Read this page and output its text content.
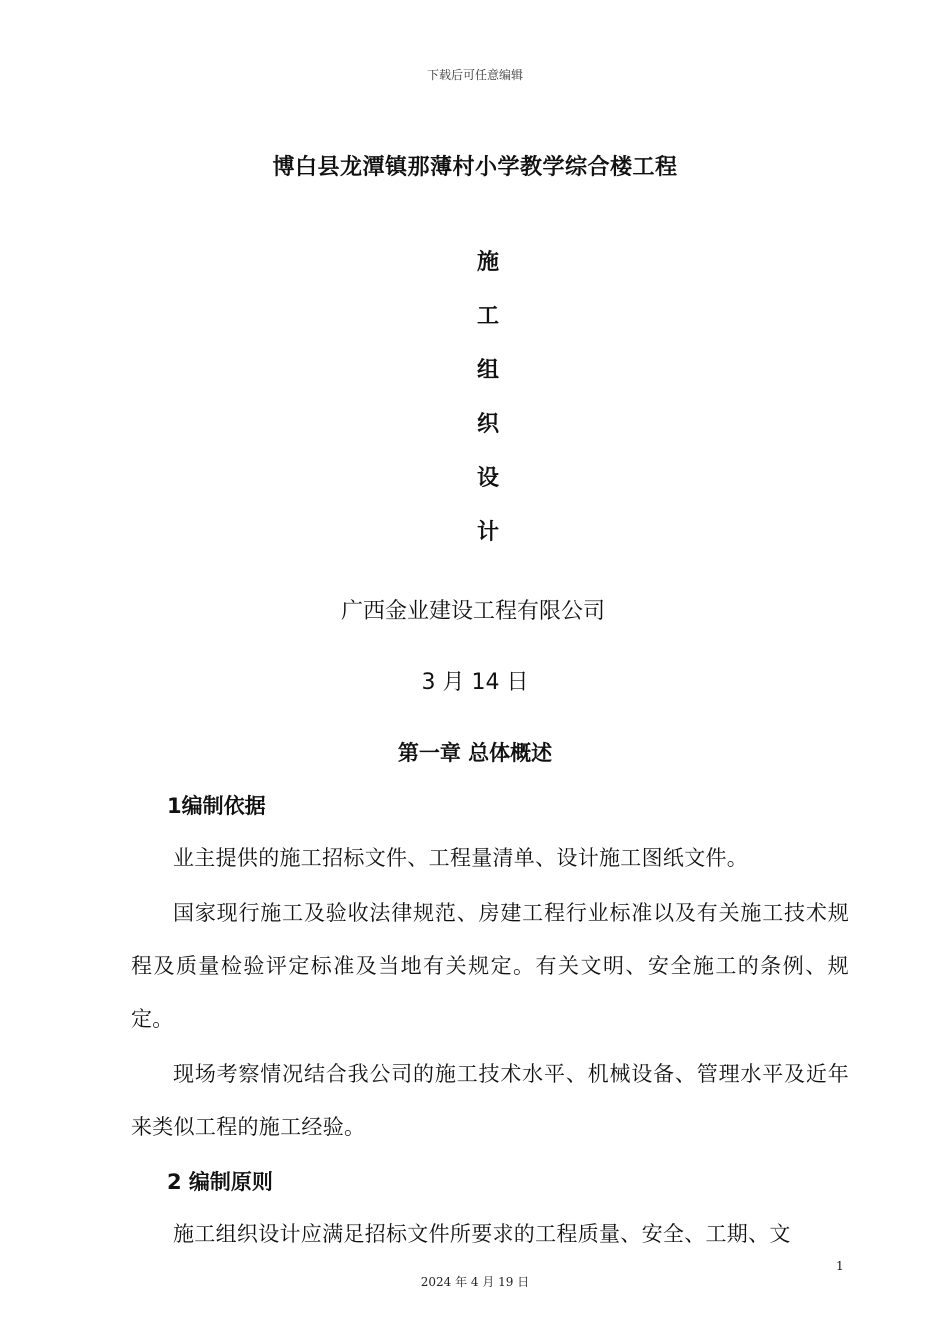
下载后可任意编辑
博白县龙潭镇那薄村小学教学综合楼工程
施
工
组
织
设
计
广西金业建设工程有限公司
3 月 14 日
第一章 总体概述
1编制依据
业主提供的施工招标文件、工程量清单、设计施工图纸文件。
国家现行施工及验收法律规范、房建工程行业标准以及有关施工技术规程及质量检验评定标准及当地有关规定。有关文明、安全施工的条例、规定。
现场考察情况结合我公司的施工技术水平、机械设备、管理水平及近年来类似工程的施工经验。
2 编制原则
施工组织设计应满足招标文件所要求的工程质量、安全、工期、文
1
2024 年 4 月 19 日
